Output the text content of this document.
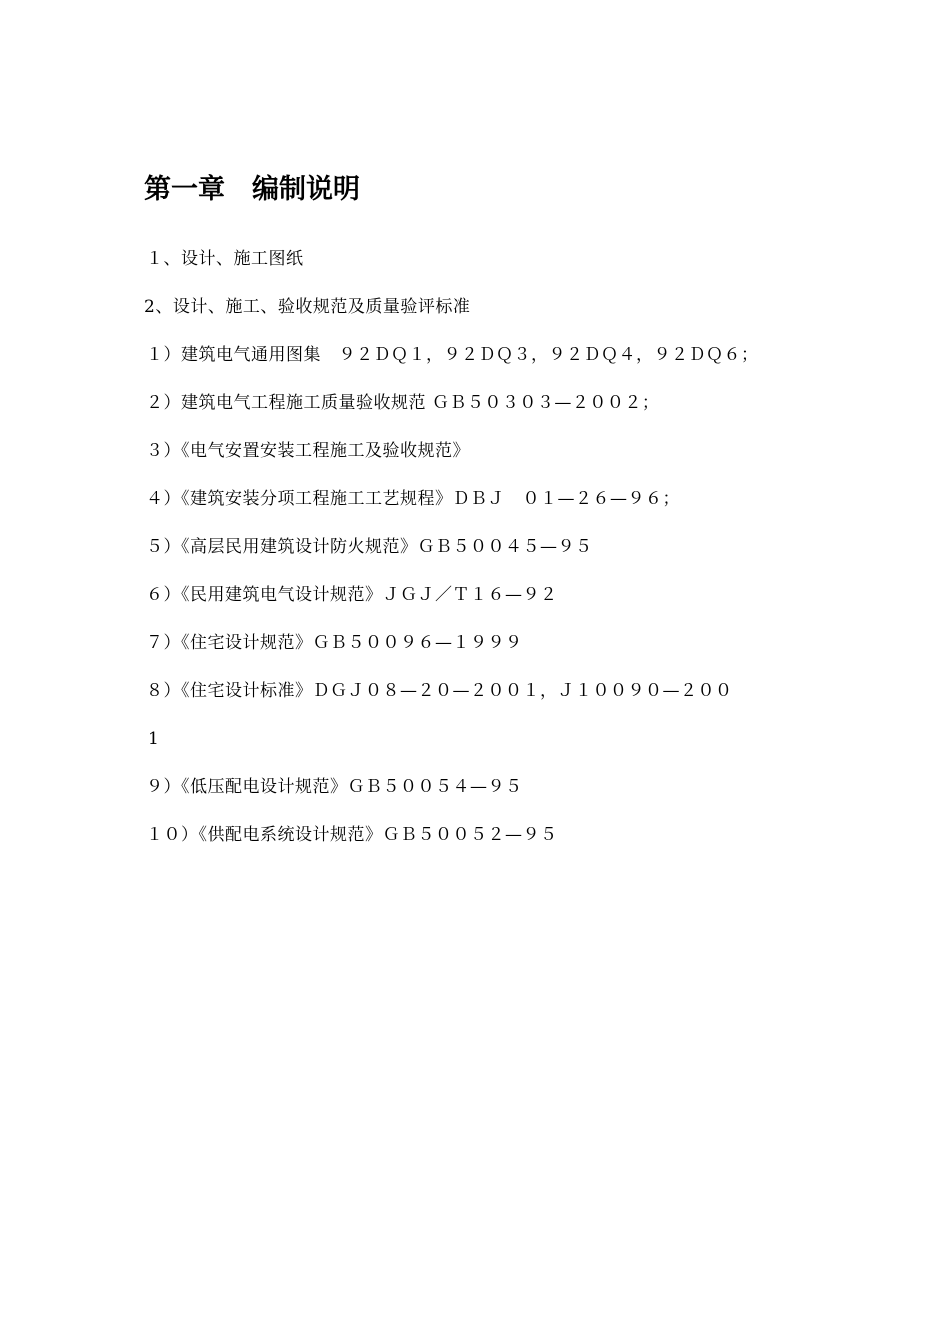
第一章　编制说明
１、设计、施工图纸
2、设计、施工、验收规范及质量验评标准
１）建筑电气通用图集　９２ＤＱ１，９２ＤＱ３，９２ＤＱ４，９２ＤＱ６；
２）建筑电气工程施工质量验收规范 ＧＢ５０３０３—２００２；
３）《电气安置安装工程施工及验收规范》
４）《建筑安装分项工程施工工艺规程》ＤＢＪ　０１—２６—９６；
５）《高层民用建筑设计防火规范》ＧＢ５００４５—９５
６）《民用建筑电气设计规范》ＪＧＪ／Ｔ１６—９２
７）《住宅设计规范》ＧＢ５００９６—１９９９
８）《住宅设计标准》ＤＧＪ０８—２０—２００１，Ｊ１００９０—２００
1
９）《低压配电设计规范》ＧＢ５００５４—９５
１０）《供配电系统设计规范》ＧＢ５００５２—９５
